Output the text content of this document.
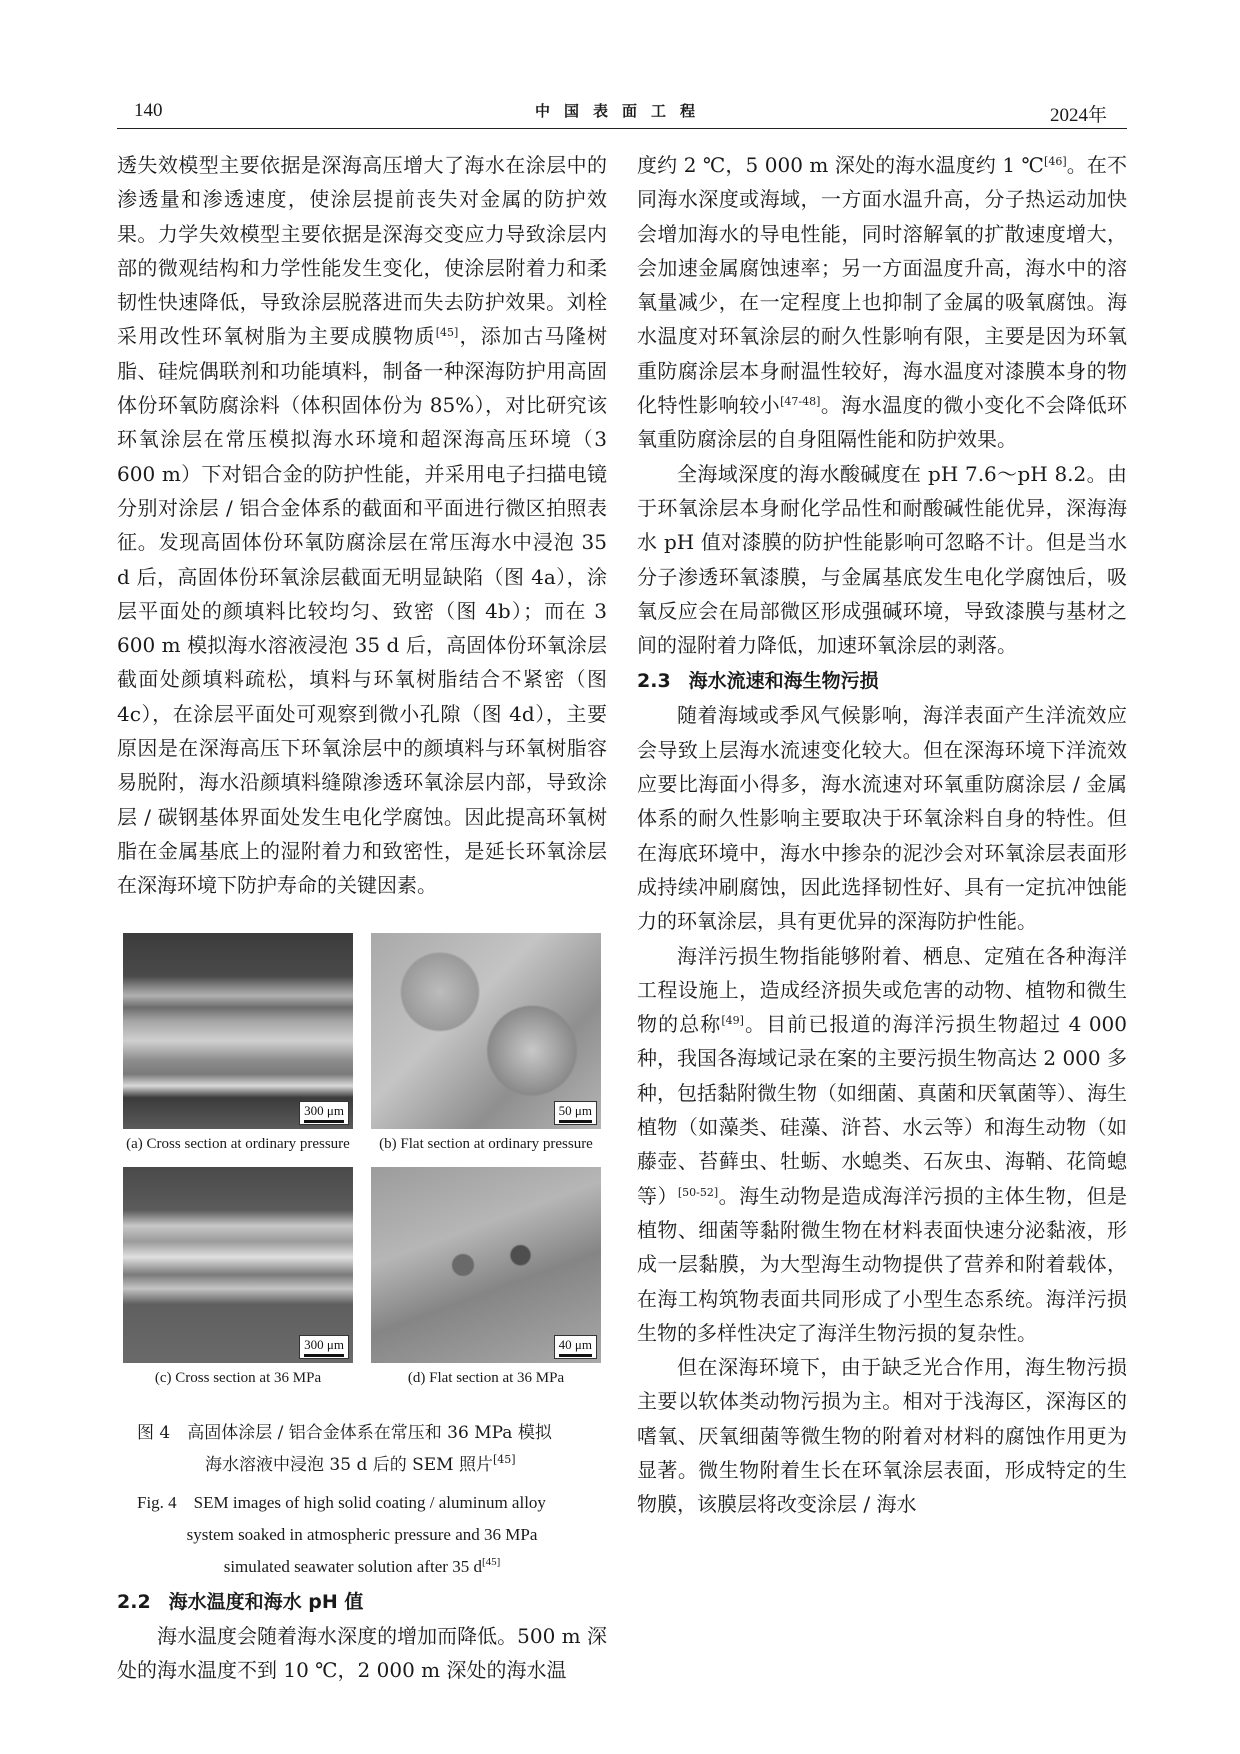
140	中国表面工程	2024年

透失效模型主要依据是深海高压增大了海水在涂层中的渗透量和渗透速度，使涂层提前丧失对金属的防护效果。力学失效模型主要依据是深海交变应力导致涂层内部的微观结构和力学性能发生变化，使涂层附着力和柔韧性快速降低，导致涂层脱落进而失去防护效果。刘栓采用改性环氧树脂为主要成膜物质[45]，添加古马隆树脂、硅烷偶联剂和功能填料，制备一种深海防护用高固体份环氧防腐涂料（体积固体份为 85%），对比研究该环氧涂层在常压模拟海水环境和超深海高压环境（3 600 m）下对铝合金的防护性能，并采用电子扫描电镜分别对涂层 / 铝合金体系的截面和平面进行微区拍照表征。发现高固体份环氧防腐涂层在常压海水中浸泡 35 d 后，高固体份环氧涂层截面无明显缺陷（图 4a），涂层平面处的颜填料比较均匀、致密（图 4b）；而在 3 600 m 模拟海水溶液浸泡 35 d 后，高固体份环氧涂层截面处颜填料疏松，填料与环氧树脂结合不紧密（图 4c），在涂层平面处可观察到微小孔隙（图 4d），主要原因是在深海高压下环氧涂层中的颜填料与环氧树脂容易脱附，海水沿颜填料缝隙渗透环氧涂层内部，导致涂层 / 碳钢基体界面处发生电化学腐蚀。因此提高环氧树脂在金属基底上的湿附着力和致密性，是延长环氧涂层在深海环境下防护寿命的关键因素。

300 μm
(a) Cross section at ordinary pressure
50 μm
(b) Flat section at ordinary pressure
300 μm
(c) Cross section at 36 MPa
40 μm
(d) Flat section at 36 MPa
图 4　高固体涂层 / 铝合金体系在常压和 36 MPa 模拟
海水溶液中浸泡 35 d 后的 SEM 照片[45]
Fig. 4　SEM images of high solid coating / aluminum alloy
system soaked in atmospheric pressure and 36 MPa
simulated seawater solution after 35 d[45]
2.2 海水温度和海水 pH 值

海水温度会随着海水深度的增加而降低。500 m 深处的海水温度不到 10 ℃，2 000 m 深处的海水温

度约 2 ℃，5 000 m 深处的海水温度约 1 ℃[46]。在不同海水深度或海域，一方面水温升高，分子热运动加快会增加海水的导电性能，同时溶解氧的扩散速度增大，会加速金属腐蚀速率；另一方面温度升高，海水中的溶氧量减少，在一定程度上也抑制了金属的吸氧腐蚀。海水温度对环氧涂层的耐久性影响有限，主要是因为环氧重防腐涂层本身耐温性较好，海水温度对漆膜本身的物化特性影响较小[47-48]。海水温度的微小变化不会降低环氧重防腐涂层的自身阻隔性能和防护效果。

全海域深度的海水酸碱度在 pH 7.6～pH 8.2。由于环氧涂层本身耐化学品性和耐酸碱性能优异，深海海水 pH 值对漆膜的防护性能影响可忽略不计。但是当水分子渗透环氧漆膜，与金属基底发生电化学腐蚀后，吸氧反应会在局部微区形成强碱环境，导致漆膜与基材之间的湿附着力降低，加速环氧涂层的剥落。

2.3 海水流速和海生物污损

随着海域或季风气候影响，海洋表面产生洋流效应会导致上层海水流速变化较大。但在深海环境下洋流效应要比海面小得多，海水流速对环氧重防腐涂层 / 金属体系的耐久性影响主要取决于环氧涂料自身的特性。但在海底环境中，海水中掺杂的泥沙会对环氧涂层表面形成持续冲刷腐蚀，因此选择韧性好、具有一定抗冲蚀能力的环氧涂层，具有更优异的深海防护性能。

海洋污损生物指能够附着、栖息、定殖在各种海洋工程设施上，造成经济损失或危害的动物、植物和微生物的总称[49]。目前已报道的海洋污损生物超过 4 000 种，我国各海域记录在案的主要污损生物高达 2 000 多种，包括黏附微生物（如细菌、真菌和厌氧菌等）、海生植物（如藻类、硅藻、浒苔、水云等）和海生动物（如藤壶、苔藓虫、牡蛎、水螅类、石灰虫、海鞘、花筒螅等）[50-52]。海生动物是造成海洋污损的主体生物，但是植物、细菌等黏附微生物在材料表面快速分泌黏液，形成一层黏膜，为大型海生动物提供了营养和附着载体，在海工构筑物表面共同形成了小型生态系统。海洋污损生物的多样性决定了海洋生物污损的复杂性。

但在深海环境下，由于缺乏光合作用，海生物污损主要以软体类动物污损为主。相对于浅海区，深海区的嗜氧、厌氧细菌等微生物的附着对材料的腐蚀作用更为显著。微生物附着生长在环氧涂层表面，形成特定的生物膜，该膜层将改变涂层 / 海水
